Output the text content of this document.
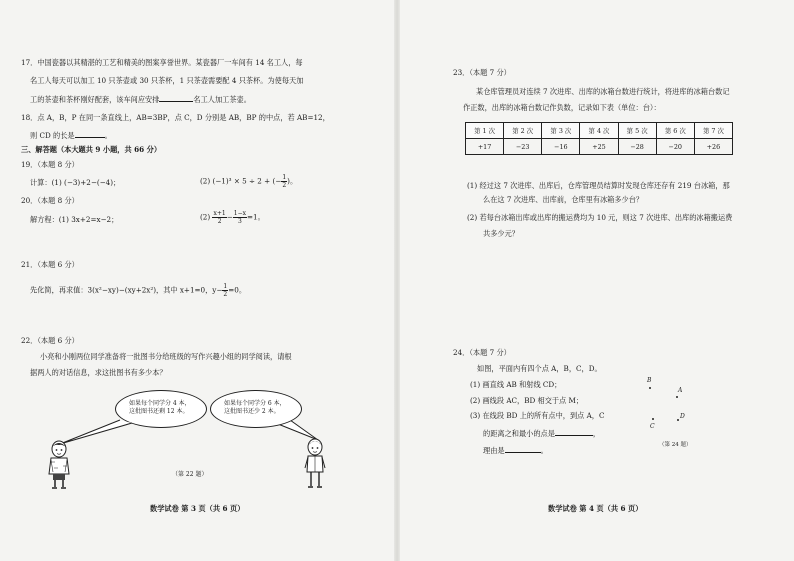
17．中国瓷器以其精湛的工艺和精美的图案享誉世界。某瓷器厂一车间有 14 名工人，每
名工人每天可以加工 10 只茶壶或 30 只茶杯，1 只茶壶需要配 4 只茶杯。为使每天加
工的茶壶和茶杯刚好配套，该车间应安排	名工人加工茶壶。
18．点 A，B，P 在同一条直线上，AB=3BP，点 C，D 分别是 AB，BP 的中点，若 AB=12，
则 CD 的长是	。
三、解答题（本大题共 9 小题，共 66 分）
19．（本题 8 分）
计算：(1) (−3)+2−(−4)；	(2) (−1)³ × 5 ÷ 2 + (− $\frac{1}{2}$ )。
20．（本题 8 分）
解方程：(1) 3x+2=x−2；	$(2) \frac{x+1}{2} - \frac{1-x}{3} =1$。
21．（本题 6 分）
先化简，再求值：3(x²−xy)−(xy+2x²)，其中 x+1=0，$y- \frac{1}{2} =0$。
22．（本题 6 分）
小亮和小刚两位同学准备将一批图书分给班级的写作兴趣小组的同学阅读，请根
据两人的对话信息，求这批图书有多少本？
如果每个同学分 4 本，
这批图书还剩 12 本。
如果每个同学分 6 本，
这批图书还少 2 本。
（第 22 题）
数学试卷 第 3 页（共 6 页）
23．（本题 7 分）
某仓库管理员对连续 7 次进库、出库的冰箱台数进行统计，将进库的冰箱台数记
作正数，出库的冰箱台数记作负数，记录如下表（单位：台）：
第 1 次	第 2 次	第 3 次	第 4 次	第 5 次	第 6 次	第 7 次
+17	−23	−16	+25	−28	−20	+26
(1) 经过这 7 次进库、出库后，仓库管理员结算时发现仓库还存有 219 台冰箱，那
么在这 7 次进库、出库前，仓库里有冰箱多少台？
(2) 若每台冰箱出库或出库的搬运费均为 10 元，则这 7 次进库、出库的冰箱搬运费
共多少元？
24．（本题 7 分）
如图，平面内有四个点 A，B，C，D。
(1) 画直线 AB 和射线 CD；
(2) 画线段 AC，BD 相交于点 M；
(3) 在线段 BD 上的所有点中，到点 A，C
的距离之和最小的点是	，
理由是	。
B
A
C
D
（第 24 题）
数学试卷 第 4 页（共 6 页）
